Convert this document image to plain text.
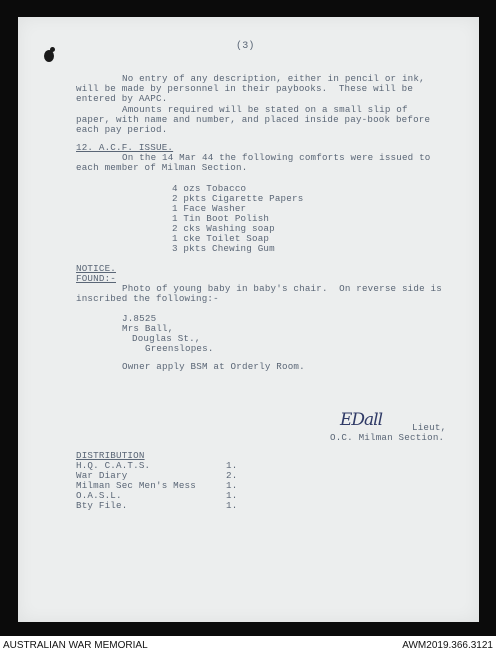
(3)
No entry of any description, either in pencil or ink,
will be made by personnel in their paybooks.  These will be
entered by AAPC.
Amounts required will be stated on a small slip of
paper, with name and number, and placed inside pay-book before
each pay period.
12. A.C.F. ISSUE.
On the 14 Mar 44 the following comforts were issued to
each member of Milman Section.
4 ozs Tobacco
2 pkts Cigarette Papers
1 Face Washer
1 Tin Boot Polish
2 cks Washing soap
1 cke Toilet Soap
3 pkts Chewing Gum
NOTICE.
FOUND:-
Photo of young baby in baby's chair.  On reverse side is
inscribed the following:-
J.8525
Mrs Ball,
Douglas St.,
Greenslopes.
Owner apply BSM at Orderly Room.
EDall	Lieut,
O.C. Milman Section.
DISTRIBUTION
H.Q. C.A.T.S.	1.
War Diary	2.
Milman Sec Men's Mess	1.
O.A.S.L.	1.
Bty File.	1.
AUSTRALIAN WAR MEMORIAL	AWM2019.366.3121
